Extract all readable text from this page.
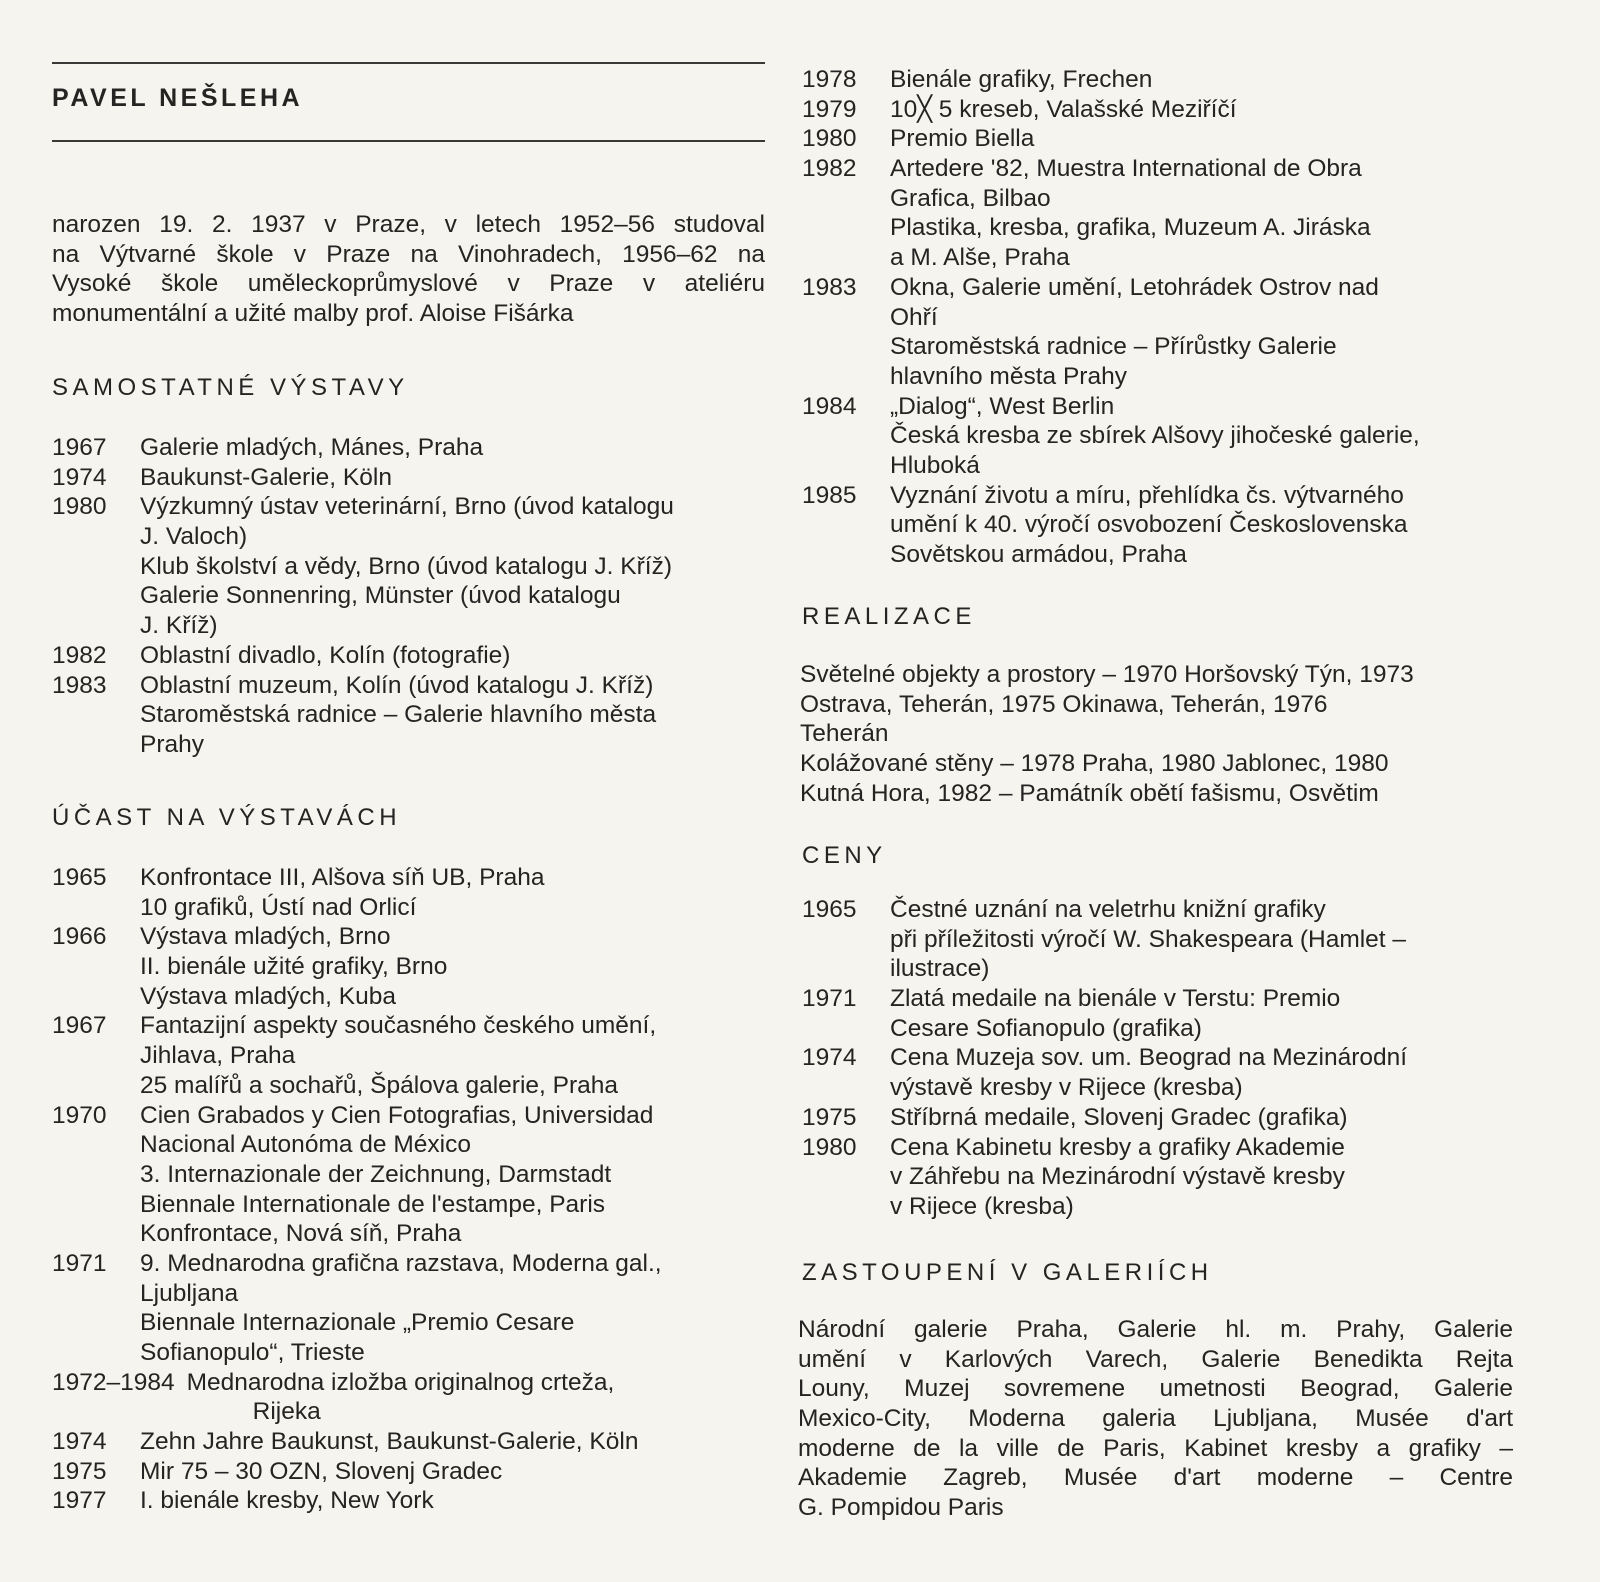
PAVEL NEŠLEHA
narozen 19. 2. 1937 v Praze, v letech 1952–56 studoval
na Výtvarné škole v Praze na Vinohradech, 1956–62 na
Vysoké škole uměleckoprůmyslové v Praze v ateliéru
monumentální a užité malby prof. Aloise Fišárka
SAMOSTATNÉ VÝSTAVY
1967	Galerie mladých, Mánes, Praha
1974	Baukunst-Galerie, Köln
1980	Výzkumný ústav veterinární, Brno (úvod katalogu
J. Valoch)
Klub školství a vědy, Brno (úvod katalogu J. Kříž)
Galerie Sonnenring, Münster (úvod katalogu
J. Kříž)
1982	Oblastní divadlo, Kolín (fotografie)
1983	Oblastní muzeum, Kolín (úvod katalogu J. Kříž)
Staroměstská radnice – Galerie hlavního města
Prahy
ÚČAST NA VÝSTAVÁCH
1965	Konfrontace III, Alšova síň UB, Praha
10 grafiků, Ústí nad Orlicí
1966	Výstava mladých, Brno
II. bienále užité grafiky, Brno
Výstava mladých, Kuba
1967	Fantazijní aspekty současného českého umění,
Jihlava, Praha
25 malířů a sochařů, Špálova galerie, Praha
1970	Cien Grabados y Cien Fotografias, Universidad
Nacional Autonóma de México
3. Internazionale der Zeichnung, Darmstadt
Biennale Internationale de l'estampe, Paris
Konfrontace, Nová síň, Praha
1971	9. Mednarodna grafična razstava, Moderna gal.,
Ljubljana
Biennale Internazionale „Premio Cesare
Sofianopulo“, Trieste
1972–1984 Mednarodna izložba originalnog crteža,
Rijeka
1974	Zehn Jahre Baukunst, Baukunst-Galerie, Köln
1975	Mir 75 – 30 OZN, Slovenj Gradec
1977	I. bienále kresby, New York
1978	Bienále grafiky, Frechen
1979	10╳ 5 kreseb, Valašské Meziříčí
1980	Premio Biella
1982	Artedere '82, Muestra International de Obra
Grafica, Bilbao
Plastika, kresba, grafika, Muzeum A. Jiráska
a M. Alše, Praha
1983	Okna, Galerie umění, Letohrádek Ostrov nad
Ohří
Staroměstská radnice – Přírůstky Galerie
hlavního města Prahy
1984	„Dialog“, West Berlin
Česká kresba ze sbírek Alšovy jihočeské galerie,
Hluboká
1985	Vyznání životu a míru, přehlídka čs. výtvarného
umění k 40. výročí osvobození Československa
Sovětskou armádou, Praha
REALIZACE
Světelné objekty a prostory – 1970 Horšovský Týn, 1973
Ostrava, Teherán, 1975 Okinawa, Teherán, 1976
Teherán
Kolážované stěny – 1978 Praha, 1980 Jablonec, 1980
Kutná Hora, 1982 – Památník obětí fašismu, Osvětim
CENY
1965	Čestné uznání na veletrhu knižní grafiky
při příležitosti výročí W. Shakespeara (Hamlet –
ilustrace)
1971	Zlatá medaile na bienále v Terstu: Premio
Cesare Sofianopulo (grafika)
1974	Cena Muzeja sov. um. Beograd na Mezinárodní
výstavě kresby v Rijece (kresba)
1975	Stříbrná medaile, Slovenj Gradec (grafika)
1980	Cena Kabinetu kresby a grafiky Akademie
v Záhřebu na Mezinárodní výstavě kresby
v Rijece (kresba)
ZASTOUPENÍ V GALERIÍCH
Národní galerie Praha, Galerie hl. m. Prahy, Galerie
umění v Karlových Varech, Galerie Benedikta Rejta
Louny, Muzej sovremene umetnosti Beograd, Galerie
Mexico-City, Moderna galeria Ljubljana, Musée d'art
moderne de la ville de Paris, Kabinet kresby a grafiky –
Akademie Zagreb, Musée d'art moderne – Centre
G. Pompidou Paris
